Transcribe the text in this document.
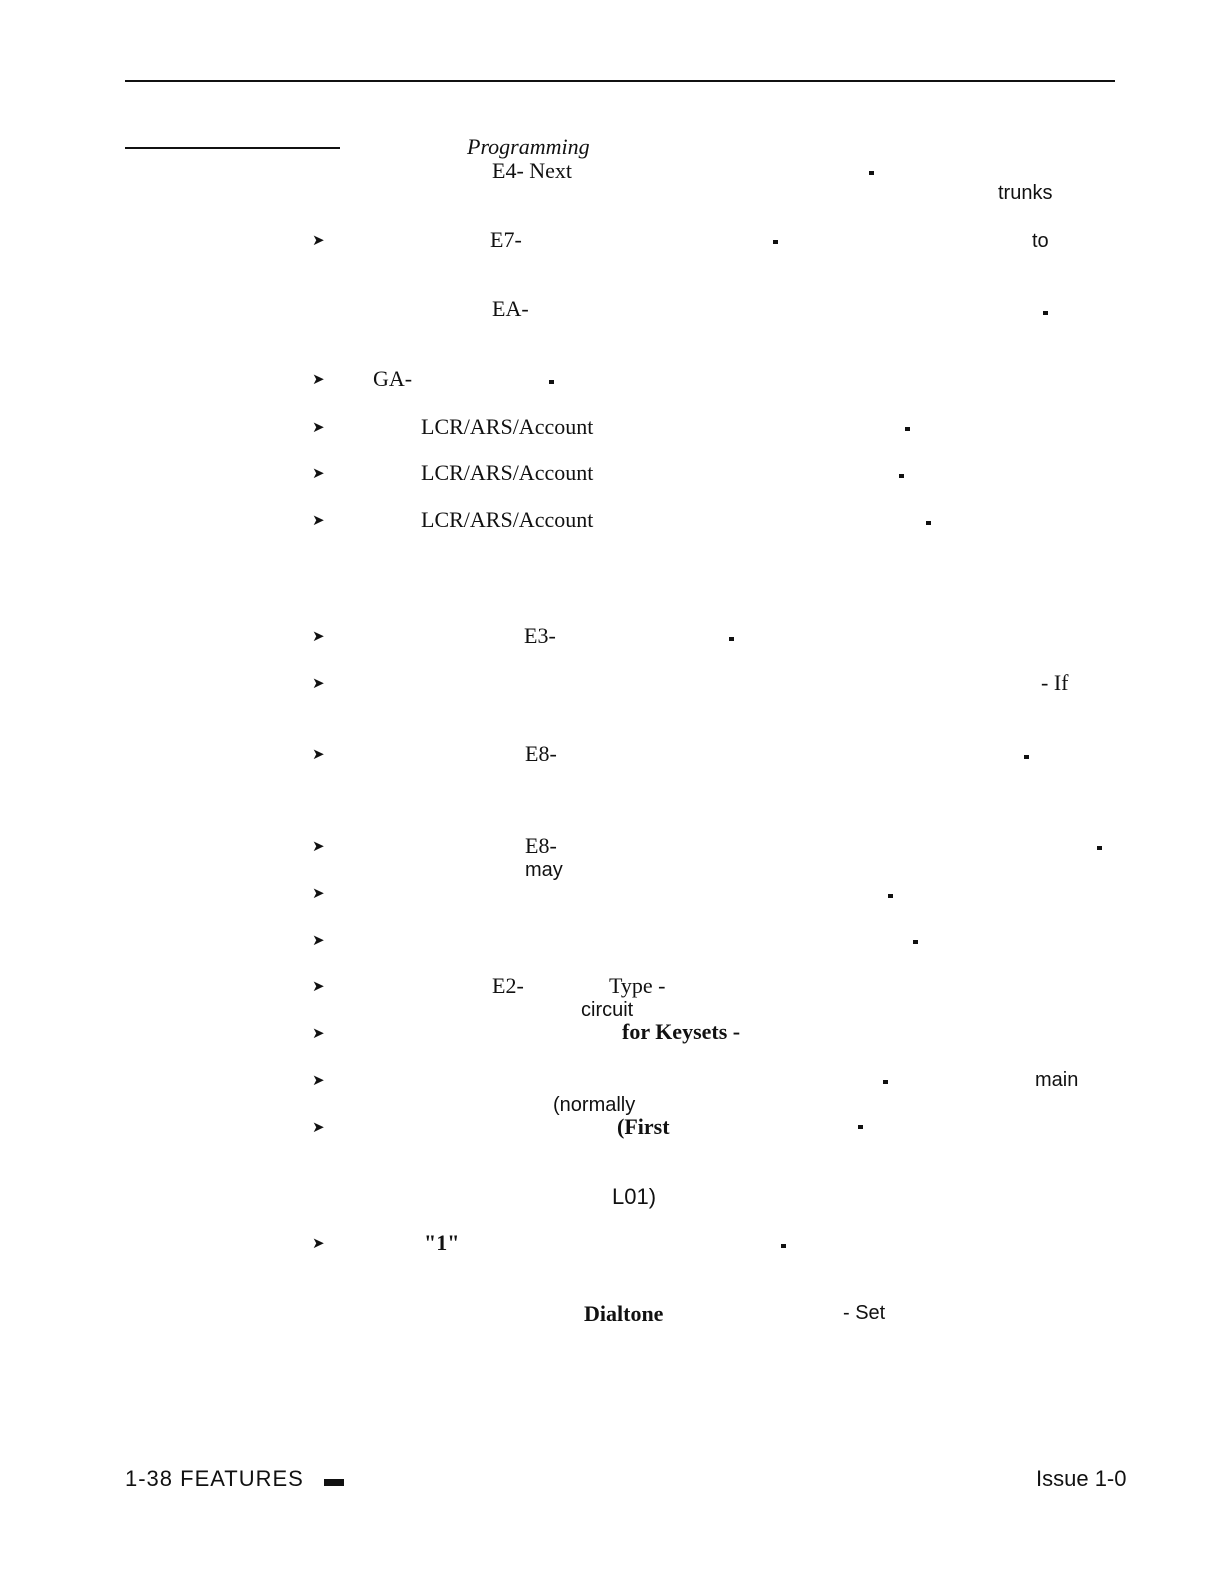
Programming
E4- Next
trunks
➤	E7-	to
EA-
➤ GA-
➤	LCR/ARS/Account
➤	LCR/ARS/Account
➤	LCR/ARS/Account
➤	E3-
➤	- If
➤	E8-
➤	E8-
may
➤
➤
➤	E2-	Type -
circuit
➤	for Keysets -
➤	main
(normally
➤	(First
L01)
➤	"1"
Dialtone	- Set
1-38 FEATURES	Issue 1-0
